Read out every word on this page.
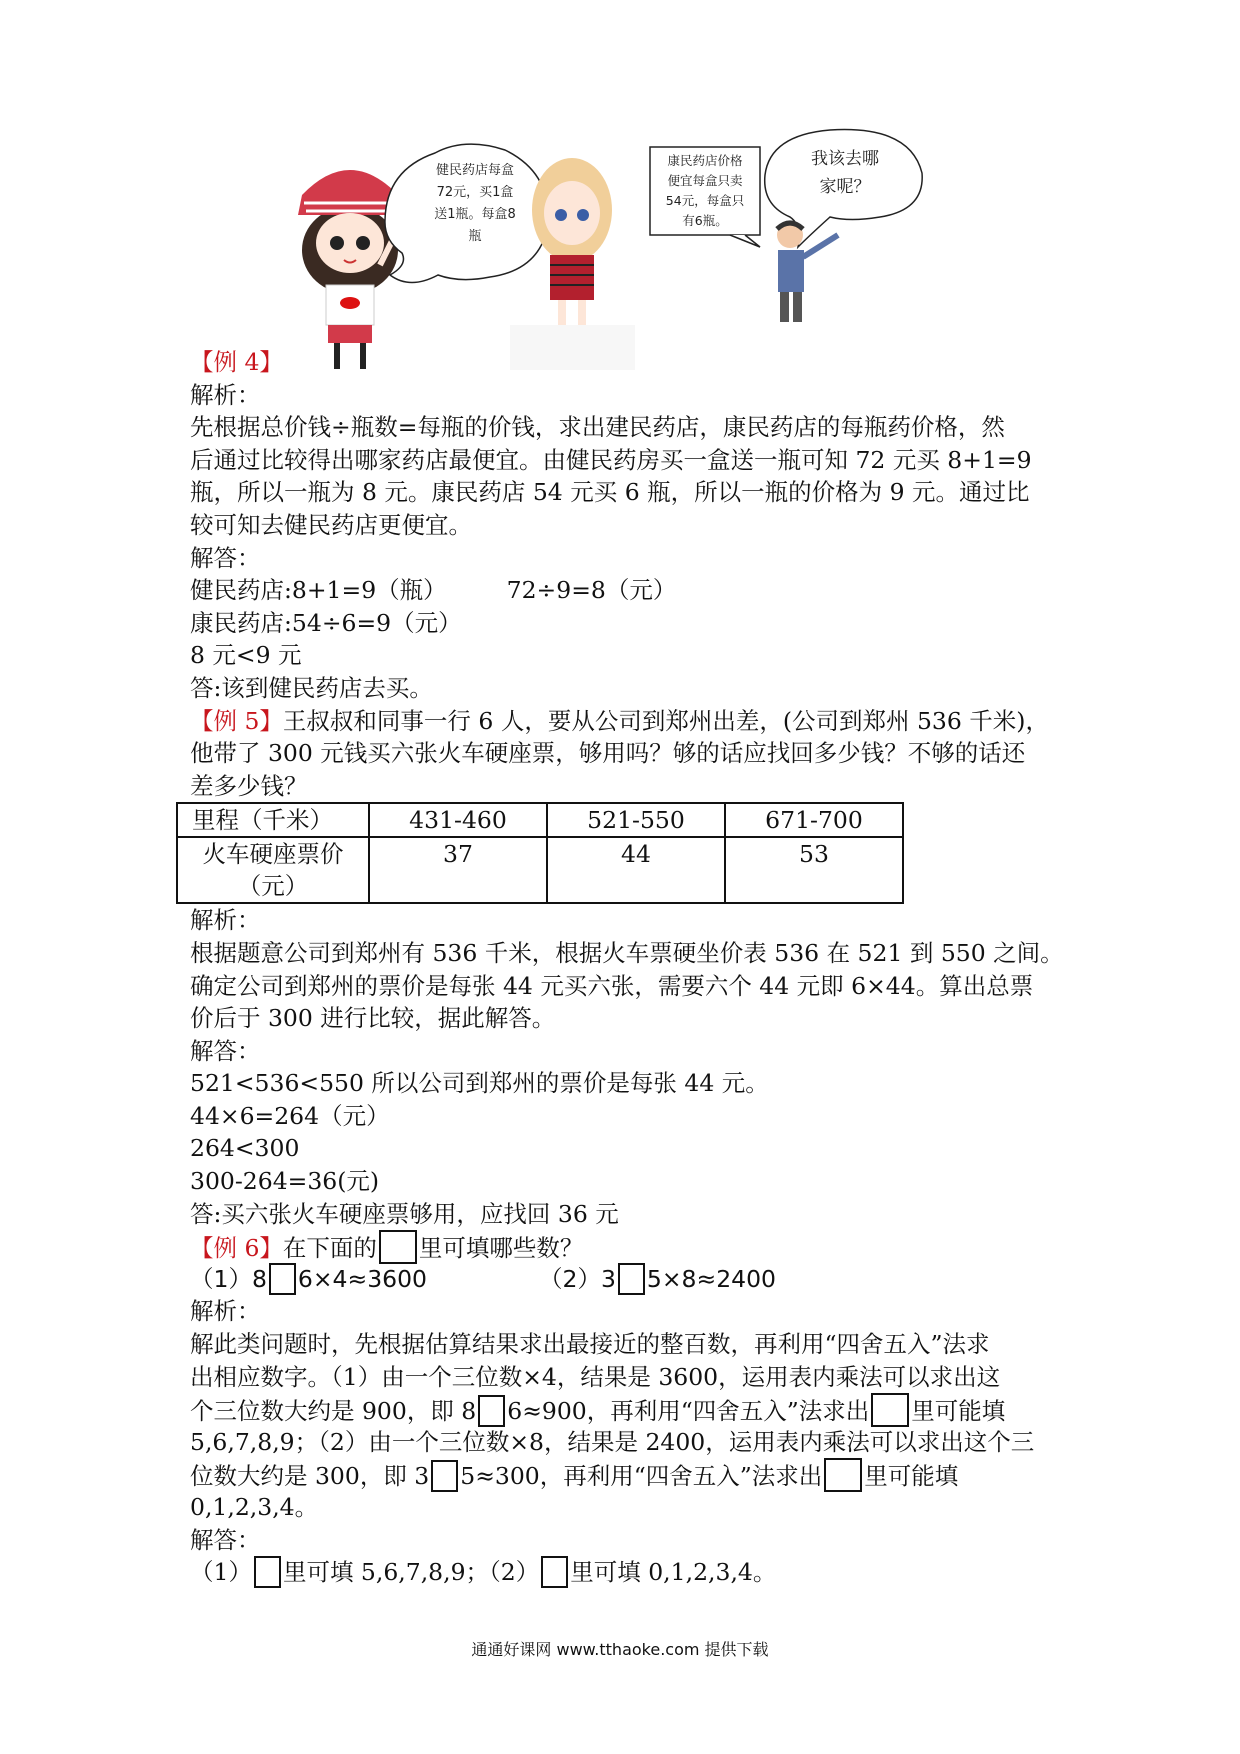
健民药店每盒
72元，买1盒
送1瓶。每盒8
瓶
康民药店价格
便宜每盒只卖
54元，每盒只
有6瓶。
我该去哪
家呢？
【例 4】
解析：
先根据总价钱÷瓶数=每瓶的价钱，求出建民药店，康民药店的每瓶药价格，然
后通过比较得出哪家药店最便宜。由健民药房买一盒送一瓶可知 72 元买 8+1=9
瓶，所以一瓶为 8 元。康民药店 54 元买 6 瓶，所以一瓶的价格为 9 元。通过比
较可知去健民药店更便宜。
解答：
健民药店:8+1=9（瓶）	72÷9=8（元）
康民药店:54÷6=9（元）
8 元<9 元
答:该到健民药店去买。
【例 5】王叔叔和同事一行 6 人，要从公司到郑州出差，(公司到郑州 536 千米)，
他带了 300 元钱买六张火车硬座票，够用吗？够的话应找回多少钱？不够的话还
差多少钱？
里程（千米）	431-460	521-550	671-700

火车硬座票价
（元）	37	44	53
解析：
根据题意公司到郑州有 536 千米，根据火车票硬坐价表 536 在 521 到 550 之间。
确定公司到郑州的票价是每张 44 元买六张，需要六个 44 元即 6×44。算出总票
价后于 300 进行比较，据此解答。
解答：
521<536<550 所以公司到郑州的票价是每张 44 元。
44×6=264（元）
264<300
300-264=36(元)
答:买六张火车硬座票够用，应找回 36 元
【例 6】在下面的 里可填哪些数？
（1）8 6×4≈3600	（2）3 5×8≈2400
解析：
解此类问题时，先根据估算结果求出最接近的整百数，再利用“四舍五入”法求
出相应数字。（1）由一个三位数×4，结果是 3600，运用表内乘法可以求出这
个三位数大约是 900，即 8 6≈900，再利用“四舍五入”法求出 里可能填
5,6,7,8,9；（2）由一个三位数×8，结果是 2400，运用表内乘法可以求出这个三
位数大约是 300，即 3 5≈300，再利用“四舍五入”法求出 里可能填
0,1,2,3,4。
解答：
（1） 里可填 5,6,7,8,9；（2） 里可填 0,1,2,3,4。
通通好课网 www.tthaoke.com 提供下载
